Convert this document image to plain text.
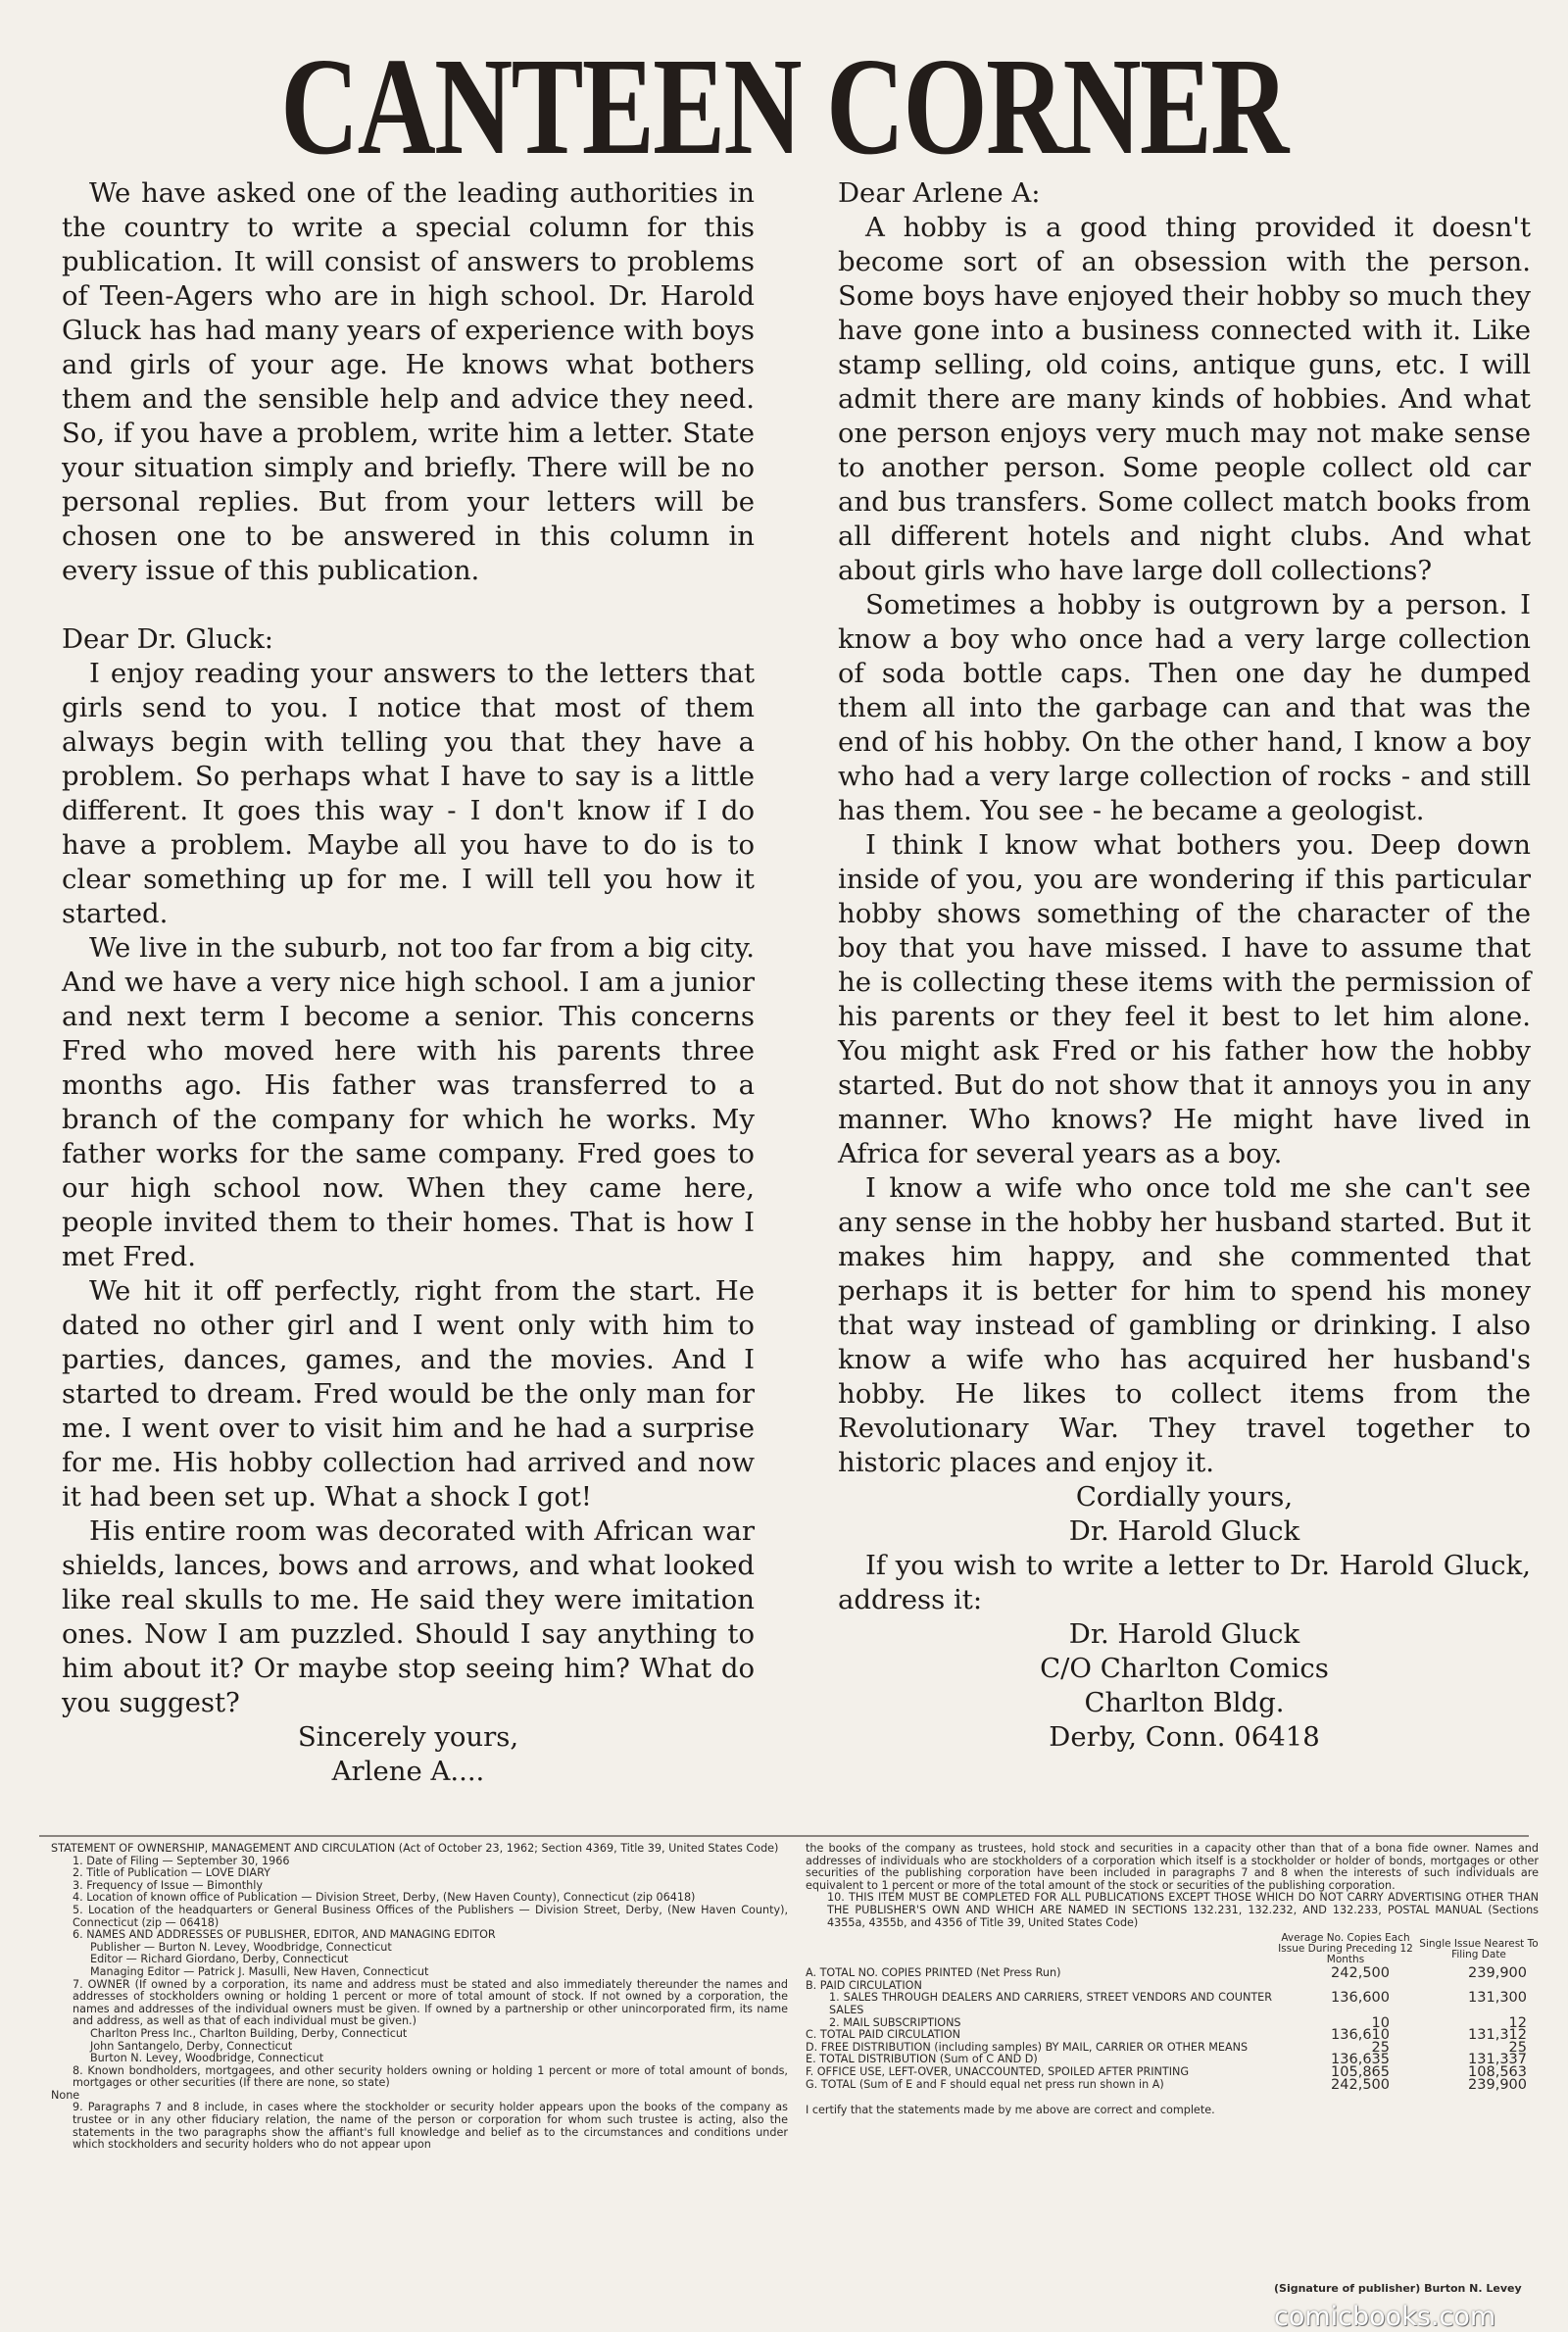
CANTEEN CORNER

We have asked one of the leading authorities in the country to write a special column for this publication. It will consist of answers to problems of Teen-Agers who are in high school. Dr. Harold Gluck has had many years of experience with boys and girls of your age. He knows what bothers them and the sensible help and advice they need. So, if you have a problem, write him a letter. State your situation simply and briefly. There will be no personal replies. But from your letters will be chosen one to be answered in this column in every issue of this publication.

Dear Dr. Gluck:

I enjoy reading your answers to the letters that girls send to you. I notice that most of them always begin with telling you that they have a problem. So perhaps what I have to say is a little different. It goes this way - I don't know if I do have a problem. Maybe all you have to do is to clear something up for me. I will tell you how it started.

We live in the suburb, not too far from a big city. And we have a very nice high school. I am a junior and next term I become a senior. This concerns Fred who moved here with his parents three months ago. His father was transferred to a branch of the company for which he works. My father works for the same company. Fred goes to our high school now. When they came here, people invited them to their homes. That is how I met Fred.

We hit it off perfectly, right from the start. He dated no other girl and I went only with him to parties, dances, games, and the movies. And I started to dream. Fred would be the only man for me. I went over to visit him and he had a surprise for me. His hobby collection had arrived and now it had been set up. What a shock I got!

His entire room was decorated with African war shields, lances, bows and arrows, and what looked like real skulls to me. He said they were imitation ones. Now I am puzzled. Should I say anything to him about it? Or maybe stop seeing him? What do you suggest?

Sincerely yours,

Arlene A....

Dear Arlene A:

A hobby is a good thing provided it doesn't become sort of an obsession with the person. Some boys have enjoyed their hobby so much they have gone into a business connected with it. Like stamp selling, old coins, antique guns, etc. I will admit there are many kinds of hobbies. And what one person enjoys very much may not make sense to another person. Some people collect old car and bus transfers. Some collect match books from all different hotels and night clubs. And what about girls who have large doll collections?

Sometimes a hobby is outgrown by a person. I know a boy who once had a very large collection of soda bottle caps. Then one day he dumped them all into the garbage can and that was the end of his hobby. On the other hand, I know a boy who had a very large collection of rocks - and still has them. You see - he became a geologist.

I think I know what bothers you. Deep down inside of you, you are wondering if this particular hobby shows something of the character of the boy that you have missed. I have to assume that he is collecting these items with the permission of his parents or they feel it best to let him alone. You might ask Fred or his father how the hobby started. But do not show that it annoys you in any manner. Who knows? He might have lived in Africa for several years as a boy.

I know a wife who once told me she can't see any sense in the hobby her husband started. But it makes him happy, and she commented that perhaps it is better for him to spend his money that way instead of gambling or drinking. I also know a wife who has acquired her husband's hobby. He likes to collect items from the Revolutionary War. They travel together to historic places and enjoy it.

Cordially yours,

Dr. Harold Gluck

If you wish to write a letter to Dr. Harold Gluck, address it:

Dr. Harold Gluck

C/O Charlton Comics

Charlton Bldg.

Derby, Conn. 06418

STATEMENT OF OWNERSHIP, MANAGEMENT AND CIRCULATION (Act of October 23, 1962; Section 4369, Title 39, United States Code)

1. Date of Filing — September 30, 1966

2. Title of Publication — LOVE DIARY

3. Frequency of Issue — Bimonthly

4. Location of known office of Publication — Division Street, Derby, (New Haven County), Connecticut (zip 06418)

5. Location of the headquarters or General Business Offices of the Publishers — Division Street, Derby, (New Haven County), Connecticut (zip — 06418)

6. NAMES AND ADDRESSES OF PUBLISHER, EDITOR, AND MANAGING EDITOR

Publisher — Burton N. Levey, Woodbridge, Connecticut

Editor — Richard Giordano, Derby, Connecticut

Managing Editor — Patrick J. Masulli, New Haven, Connecticut

7. OWNER (If owned by a corporation, its name and address must be stated and also immediately thereunder the names and addresses of stockholders owning or holding 1 percent or more of total amount of stock. If not owned by a corporation, the names and addresses of the individual owners must be given. If owned by a partnership or other unincorporated firm, its name and address, as well as that of each individual must be given.)

Charlton Press Inc., Charlton Building, Derby, Connecticut

John Santangelo, Derby, Connecticut

Burton N. Levey, Woodbridge, Connecticut

8. Known bondholders, mortgagees, and other security holders owning or holding 1 percent or more of total amount of bonds, mortgages or other securities (If there are none, so state)

None

9. Paragraphs 7 and 8 include, in cases where the stockholder or security holder appears upon the books of the company as trustee or in any other fiduciary relation, the name of the person or corporation for whom such trustee is acting, also the statements in the two paragraphs show the affiant's full knowledge and belief as to the circumstances and conditions under which stockholders and security holders who do not appear upon

the books of the company as trustees, hold stock and securities in a capacity other than that of a bona fide owner. Names and addresses of individuals who are stockholders of a corporation which itself is a stockholder or holder of bonds, mortgages or other securities of the publishing corporation have been included in paragraphs 7 and 8 when the interests of such individuals are equivalent to 1 percent or more of the total amount of the stock or securities of the publishing corporation.

10. THIS ITEM MUST BE COMPLETED FOR ALL PUBLICATIONS EXCEPT THOSE WHICH DO NOT CARRY ADVERTISING OTHER THAN THE PUBLISHER'S OWN AND WHICH ARE NAMED IN SECTIONS 132.231, 132.232, AND 132.233, POSTAL MANUAL (Sections 4355a, 4355b, and 4356 of Title 39, United States Code)

	Average No. Copies Each Issue During Preceding 12 Months	Single Issue Nearest To Filing Date
A. TOTAL NO. COPIES PRINTED (Net Press Run)	242,500	239,900
B. PAID CIRCULATION		
1. SALES THROUGH DEALERS AND CARRIERS, STREET VENDORS AND COUNTER SALES	136,600	131,300
2. MAIL SUBSCRIPTIONS	10	12
C. TOTAL PAID CIRCULATION	136,610	131,312
D. FREE DISTRIBUTION (including samples) BY MAIL, CARRIER OR OTHER MEANS	25	25
E. TOTAL DISTRIBUTION (Sum of C AND D)	136,635	131,337
F. OFFICE USE, LEFT-OVER, UNACCOUNTED, SPOILED AFTER PRINTING	105,865	108,563
G. TOTAL (Sum of E and F should equal net press run shown in A)	242,500	239,900

I certify that the statements made by me above are correct and complete.

(Signature of publisher) Burton N. Levey
comicbooks.com
